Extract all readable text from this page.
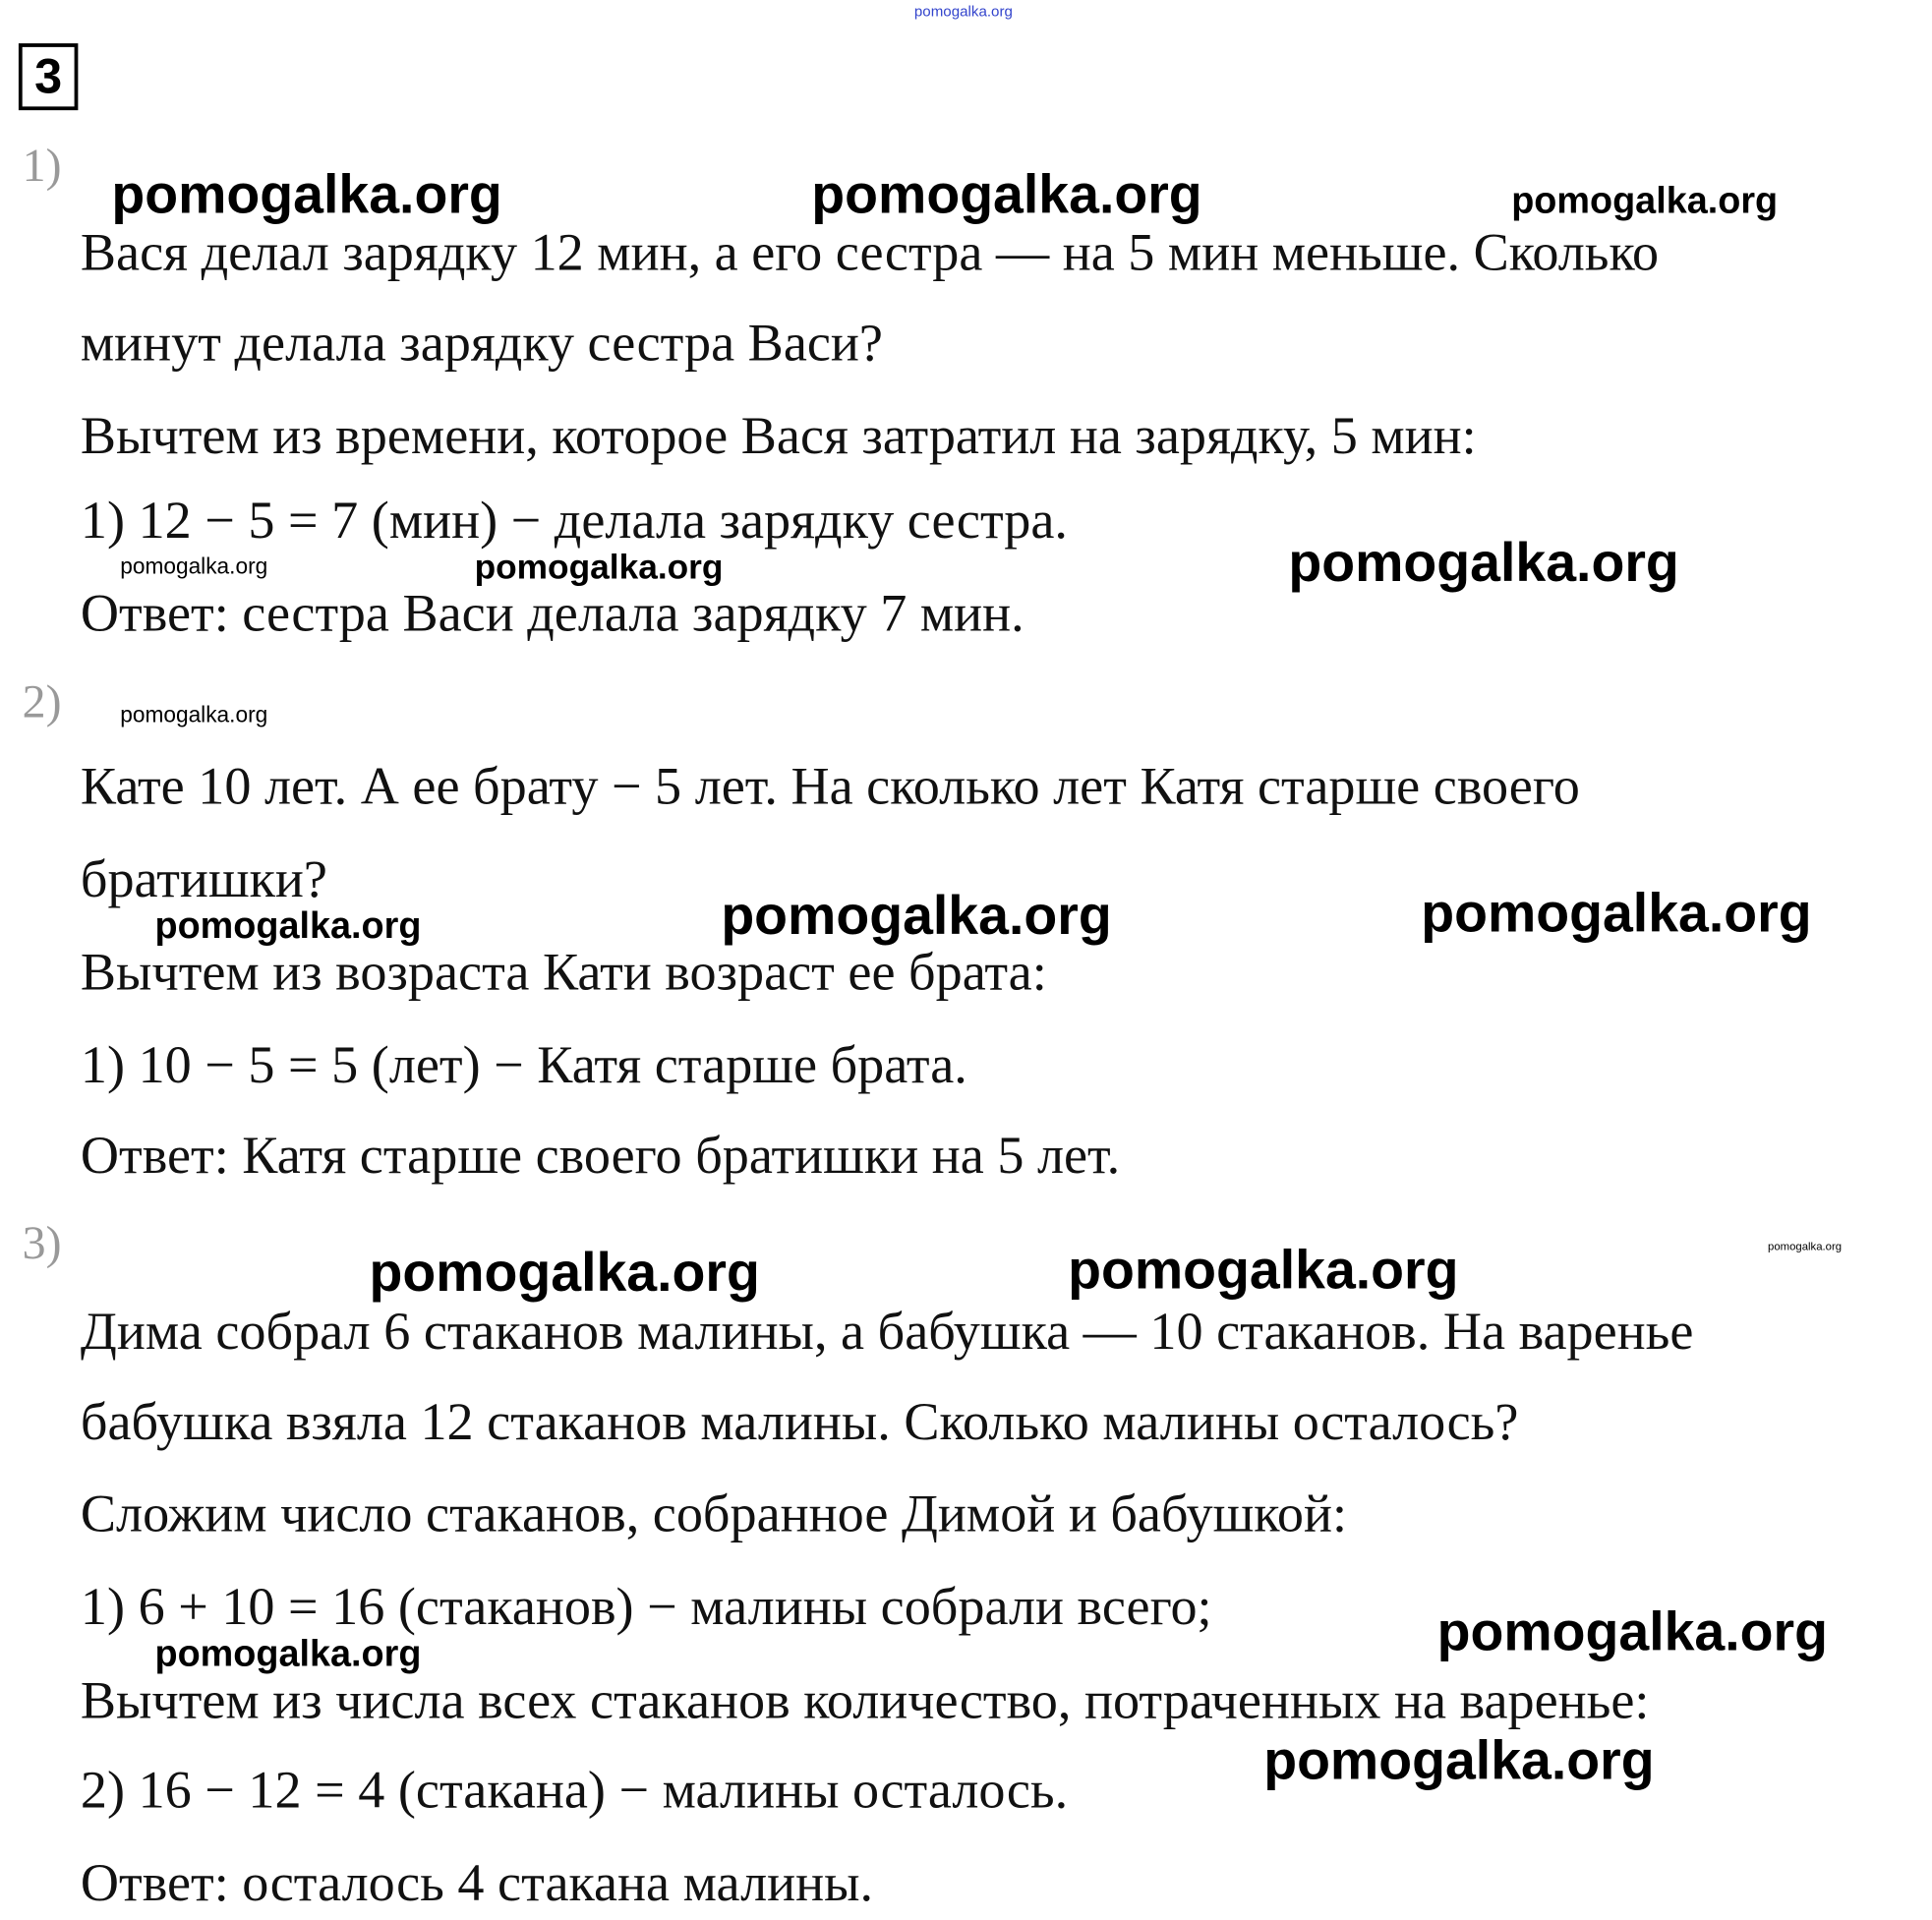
pomogalka.org
3
1) pomogalka.org	pomogalka.org	pomogalka.org
Вася делал зарядку 12 мин, а его сестра — на 5 мин меньше. Сколько
минут делала зарядку сестра Васи?
Вычтем из времени, которое Вася затратил на зарядку, 5 мин:
1) 12 − 5 = 7 (мин) − делала зарядку сестра.
pomogalka.org	pomogalka.org	pomogalka.org
Ответ: сестра Васи делала зарядку 7 мин.
2)	pomogalka.org
Кате 10 лет. А ее брату − 5 лет. На сколько лет Катя старше своего
братишки?
pomogalka.org	pomogalka.org	pomogalka.org
Вычтем из возраста Кати возраст ее брата:
1) 10 − 5 = 5 (лет) − Катя старше брата.
Ответ: Катя старше своего братишки на 5 лет.
3)	pomogalka.org	pomogalka.org	pomogalka.org
Дима собрал 6 стаканов малины, а бабушка — 10 стаканов. На варенье
бабушка взяла 12 стаканов малины. Сколько малины осталось?
Сложим число стаканов, собранное Димой и бабушкой:
1) 6 + 10 = 16 (стаканов) − малины собрали всего;	pomogalka.org
pomogalka.org
Вычтем из числа всех стаканов количество, потраченных на варенье:
pomogalka.org
2) 16 − 12 = 4 (стакана) − малины осталось.
Ответ: осталось 4 стакана малины.
